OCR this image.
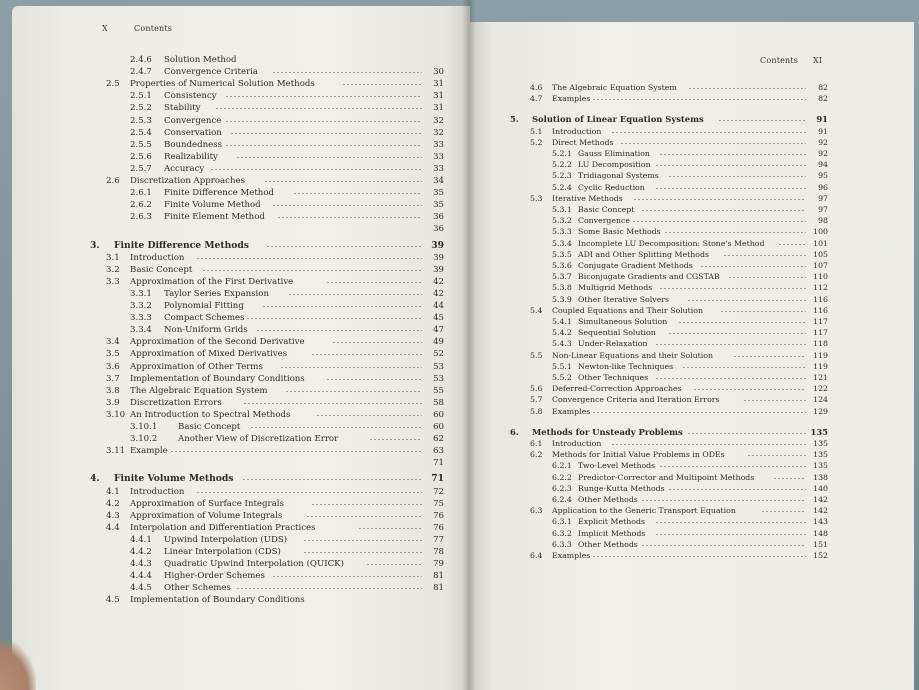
X	Contents
2.4.6 Solution Method
2.4.7 Convergence Criteria	30
2.5 Properties of Numerical Solution Methods	31
2.5.1 Consistency	31
2.5.2 Stability	31
2.5.3 Convergence	32
2.5.4 Conservation	32
2.5.5 Boundedness	33
2.5.6 Realizability	33
2.5.7 Accuracy	33
2.6 Discretization Approaches	34
2.6.1 Finite Difference Method	35
2.6.2 Finite Volume Method	35
2.6.3 Finite Element Method	36
36
3. Finite Difference Methods	39
3.1 Introduction	39
3.2 Basic Concept	39
3.3 Approximation of the First Derivative	42
3.3.1 Taylor Series Expansion	42
3.3.2 Polynomial Fitting	44
3.3.3 Compact Schemes	45
3.3.4 Non-Uniform Grids	47
3.4 Approximation of the Second Derivative	49
3.5 Approximation of Mixed Derivatives	52
3.6 Approximation of Other Terms	53
3.7 Implementation of Boundary Conditions	53
3.8 The Algebraic Equation System	55
3.9 Discretization Errors	58
3.10 An Introduction to Spectral Methods	60
3.10.1 Basic Concept	60
3.10.2 Another View of Discretization Error	62
3.11 Example	63
71
4. Finite Volume Methods	71
4.1 Introduction	72
4.2 Approximation of Surface Integrals	75
4.3 Approximation of Volume Integrals	76
4.4 Interpolation and Differentiation Practices	76
4.4.1 Upwind Interpolation (UDS)	77
4.4.2 Linear Interpolation (CDS)	78
4.4.3 Quadratic Upwind Interpolation (QUICK)	79
4.4.4 Higher-Order Schemes	81
4.4.5 Other Schemes	81
4.5 Implementation of Boundary Conditions
Contents XI
4.6 The Algebraic Equation System	82
4.7 Examples	82
5. Solution of Linear Equation Systems	91
5.1 Introduction	91
5.2 Direct Methods	92
5.2.1 Gauss Elimination	92
5.2.2 LU Decomposition	94
5.2.3 Tridiagonal Systems	95
5.2.4 Cyclic Reduction	96
5.3 Iterative Methods	97
5.3.1 Basic Concept	97
5.3.2 Convergence	98
5.3.3 Some Basic Methods	100
5.3.4 Incomplete LU Decomposition: Stone's Method	101
5.3.5 ADI and Other Splitting Methods	105
5.3.6 Conjugate Gradient Methods	107
5.3.7 Biconjugate Gradients and CGSTAB	110
5.3.8 Multigrid Methods	112
5.3.9 Other Iterative Solvers	116
5.4 Coupled Equations and Their Solution	116
5.4.1 Simultaneous Solution	117
5.4.2 Sequential Solution	117
5.4.3 Under-Relaxation	118
5.5 Non-Linear Equations and their Solution	119
5.5.1 Newton-like Techniques	119
5.5.2 Other Techniques	121
5.6 Deferred-Correction Approaches	122
5.7 Convergence Criteria and Iteration Errors	124
5.8 Examples	129
6. Methods for Unsteady Problems	135
6.1 Introduction	135
6.2 Methods for Initial Value Problems in ODEs	135
6.2.1 Two-Level Methods	135
6.2.2 Predictor-Corrector and Multipoint Methods	138
6.2.3 Runge-Kutta Methods	140
6.2.4 Other Methods	142
6.3 Application to the Generic Transport Equation	142
6.3.1 Explicit Methods	143
6.3.2 Implicit Methods	148
6.3.3 Other Methods	151
6.4 Examples	152
